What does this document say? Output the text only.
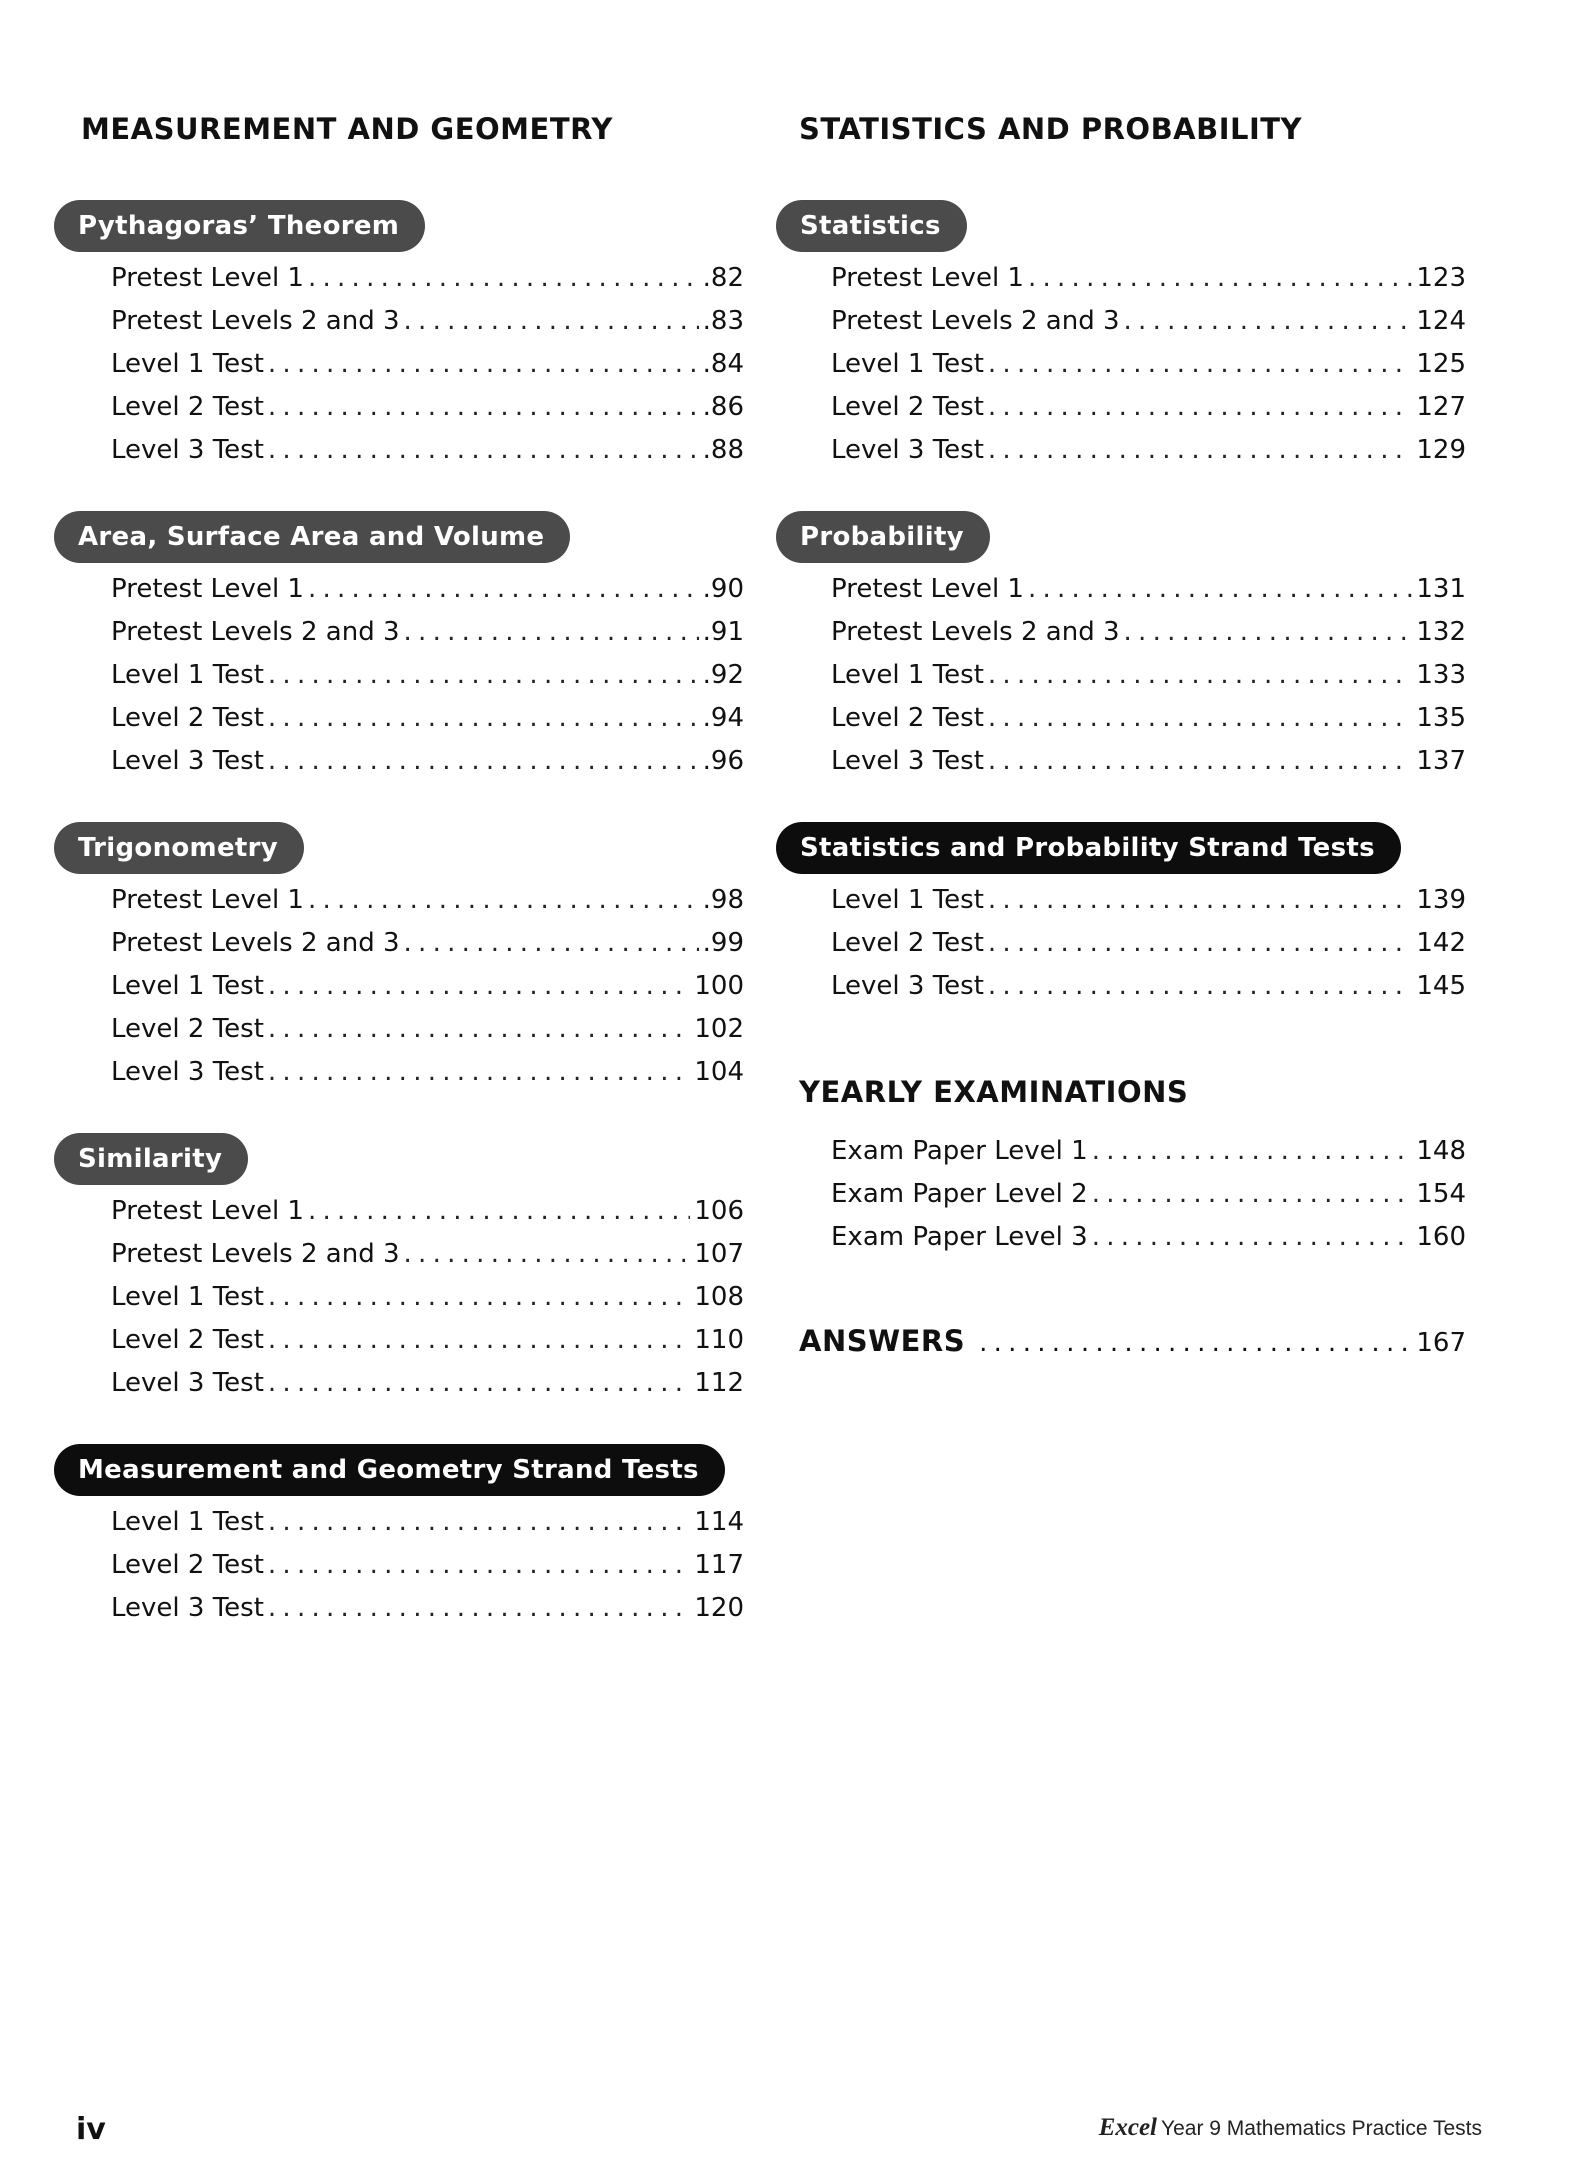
MEASUREMENT AND GEOMETRY
Pythagoras’ Theorem
Pretest Level 1 . . .	.82
Pretest Levels 2 and 3 . . .	.83
Level 1 Test . . .	.84
Level 2 Test . . .	.86
Level 3 Test . . .	.88
Area, Surface Area and Volume
Pretest Level 1 . . .	.90
Pretest Levels 2 and 3 . . .	.91
Level 1 Test . . .	.92
Level 2 Test . . .	.94
Level 3 Test . . .	.96
Trigonometry
Pretest Level 1 . . .	.98
Pretest Levels 2 and 3 . . .	.99
Level 1 Test . . .	100
Level 2 Test . . .	102
Level 3 Test . . .	104
Similarity
Pretest Level 1 . . .	106
Pretest Levels 2 and 3 . . .	107
Level 1 Test . . .	108
Level 2 Test . . .	110
Level 3 Test . . .	112
Measurement and Geometry Strand Tests
Level 1 Test . . .	114
Level 2 Test . . .	117
Level 3 Test . . .	120
STATISTICS AND PROBABILITY
Statistics
Pretest Level 1 . . .	123
Pretest Levels 2 and 3 . . .	124
Level 1 Test . . .	125
Level 2 Test . . .	127
Level 3 Test . . .	129
Probability
Pretest Level 1 . . .	131
Pretest Levels 2 and 3 . . .	132
Level 1 Test . . .	133
Level 2 Test . . .	135
Level 3 Test . . .	137
Statistics and Probability Strand Tests
Level 1 Test . . .	139
Level 2 Test . . .	142
Level 3 Test . . .	145
YEARLY EXAMINATIONS
Exam Paper Level 1 . . .	148
Exam Paper Level 2 . . .	154
Exam Paper Level 3 . . .	160
ANSWERS . . .	167
iv	Excel Year 9 Mathematics Practice Tests
